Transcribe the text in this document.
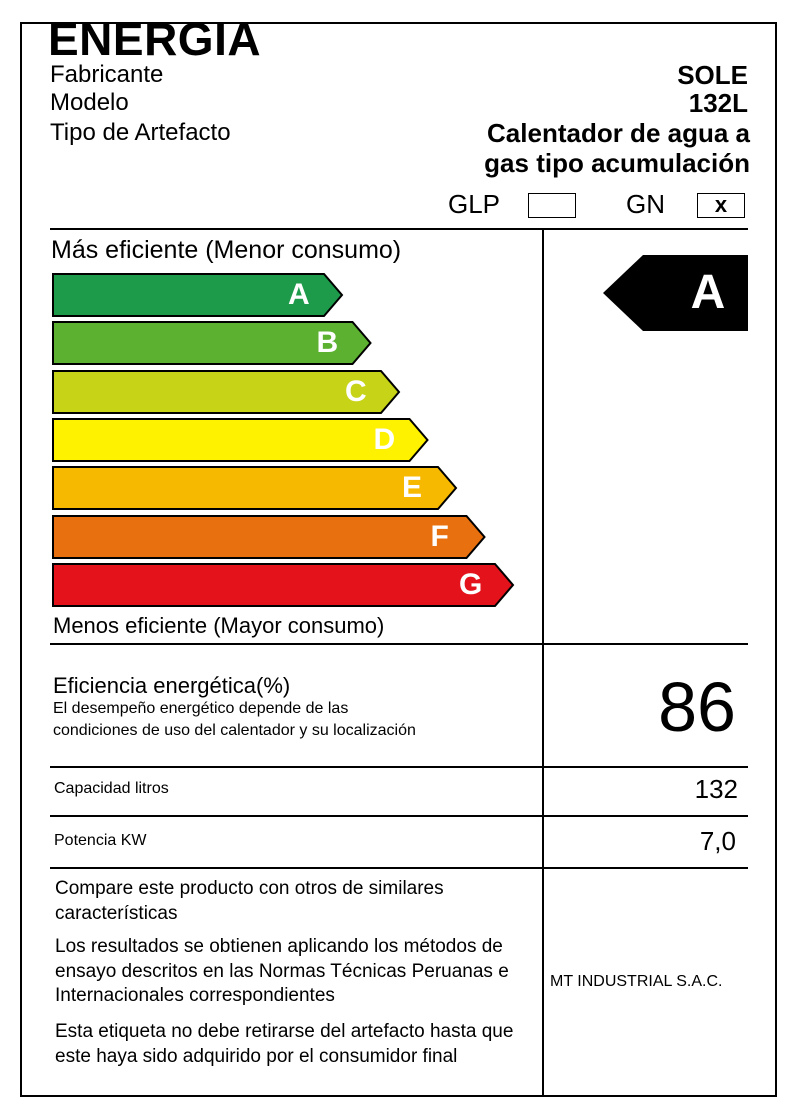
ENERGIA
Fabricante	SOLE
Modelo	132L
Tipo de Artefacto	Calentador de agua a
gas tipo acumulación
GLP	GN	x
Más eficiente (Menor consumo)
A
B
C
D
E
F
G
Menos eficiente (Mayor consumo)
A
Eficiencia energética(%)
El desempeño energético depende de las
condiciones de uso del calentador y su localización	86
Capacidad litros	132
Potencia KW	7,0
Compare este producto con otros de similares características
Los resultados se obtienen aplicando los métodos de ensayo descritos en las Normas Técnicas Peruanas e Internacionales correspondientes
Esta etiqueta no debe retirarse del artefacto hasta que este haya sido adquirido por el consumidor final
MT INDUSTRIAL S.A.C.
